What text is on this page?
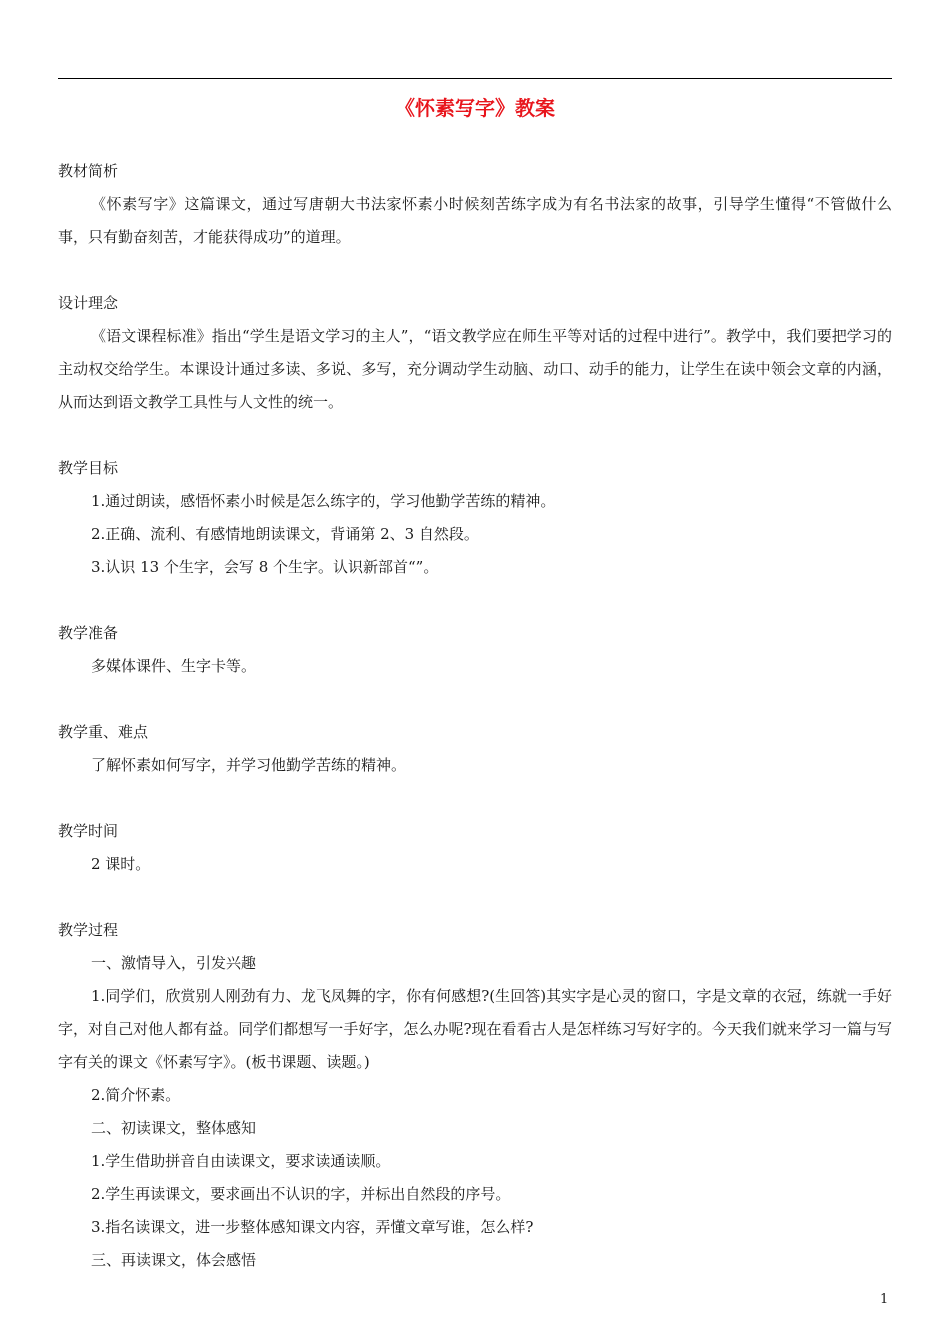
《怀素写字》教案

教材简析

《怀素写字》这篇课文，通过写唐朝大书法家怀素小时候刻苦练字成为有名书法家的故事，引导学生懂得“不管做什么事，只有勤奋刻苦，才能获得成功”的道理。

设计理念

《语文课程标准》指出“学生是语文学习的主人”，“语文教学应在师生平等对话的过程中进行”。教学中，我们要把学习的主动权交给学生。本课设计通过多读、多说、多写，充分调动学生动脑、动口、动手的能力，让学生在读中领会文章的内涵，从而达到语文教学工具性与人文性的统一。

教学目标

1.通过朗读，感悟怀素小时候是怎么练字的，学习他勤学苦练的精神。

2.正确、流利、有感情地朗读课文，背诵第 2、3 自然段。

3.认识 13 个生字，会写 8 个生字。认识新部首“”。

教学准备

多媒体课件、生字卡等。

教学重、难点

了解怀素如何写字，并学习他勤学苦练的精神。

教学时间

2 课时。

教学过程

一、激情导入，引发兴趣

1.同学们，欣赏别人刚劲有力、龙飞凤舞的字，你有何感想?(生回答)其实字是心灵的窗口，字是文章的衣冠，练就一手好字，对自己对他人都有益。同学们都想写一手好字，怎么办呢?现在看看古人是怎样练习写好字的。今天我们就来学习一篇与写字有关的课文《怀素写字》。(板书课题、读题。)

2.简介怀素。

二、初读课文，整体感知

1.学生借助拼音自由读课文，要求读通读顺。

2.学生再读课文，要求画出不认识的字，并标出自然段的序号。

3.指名读课文，进一步整体感知课文内容，弄懂文章写谁，怎么样?

三、再读课文，体会感悟

1
